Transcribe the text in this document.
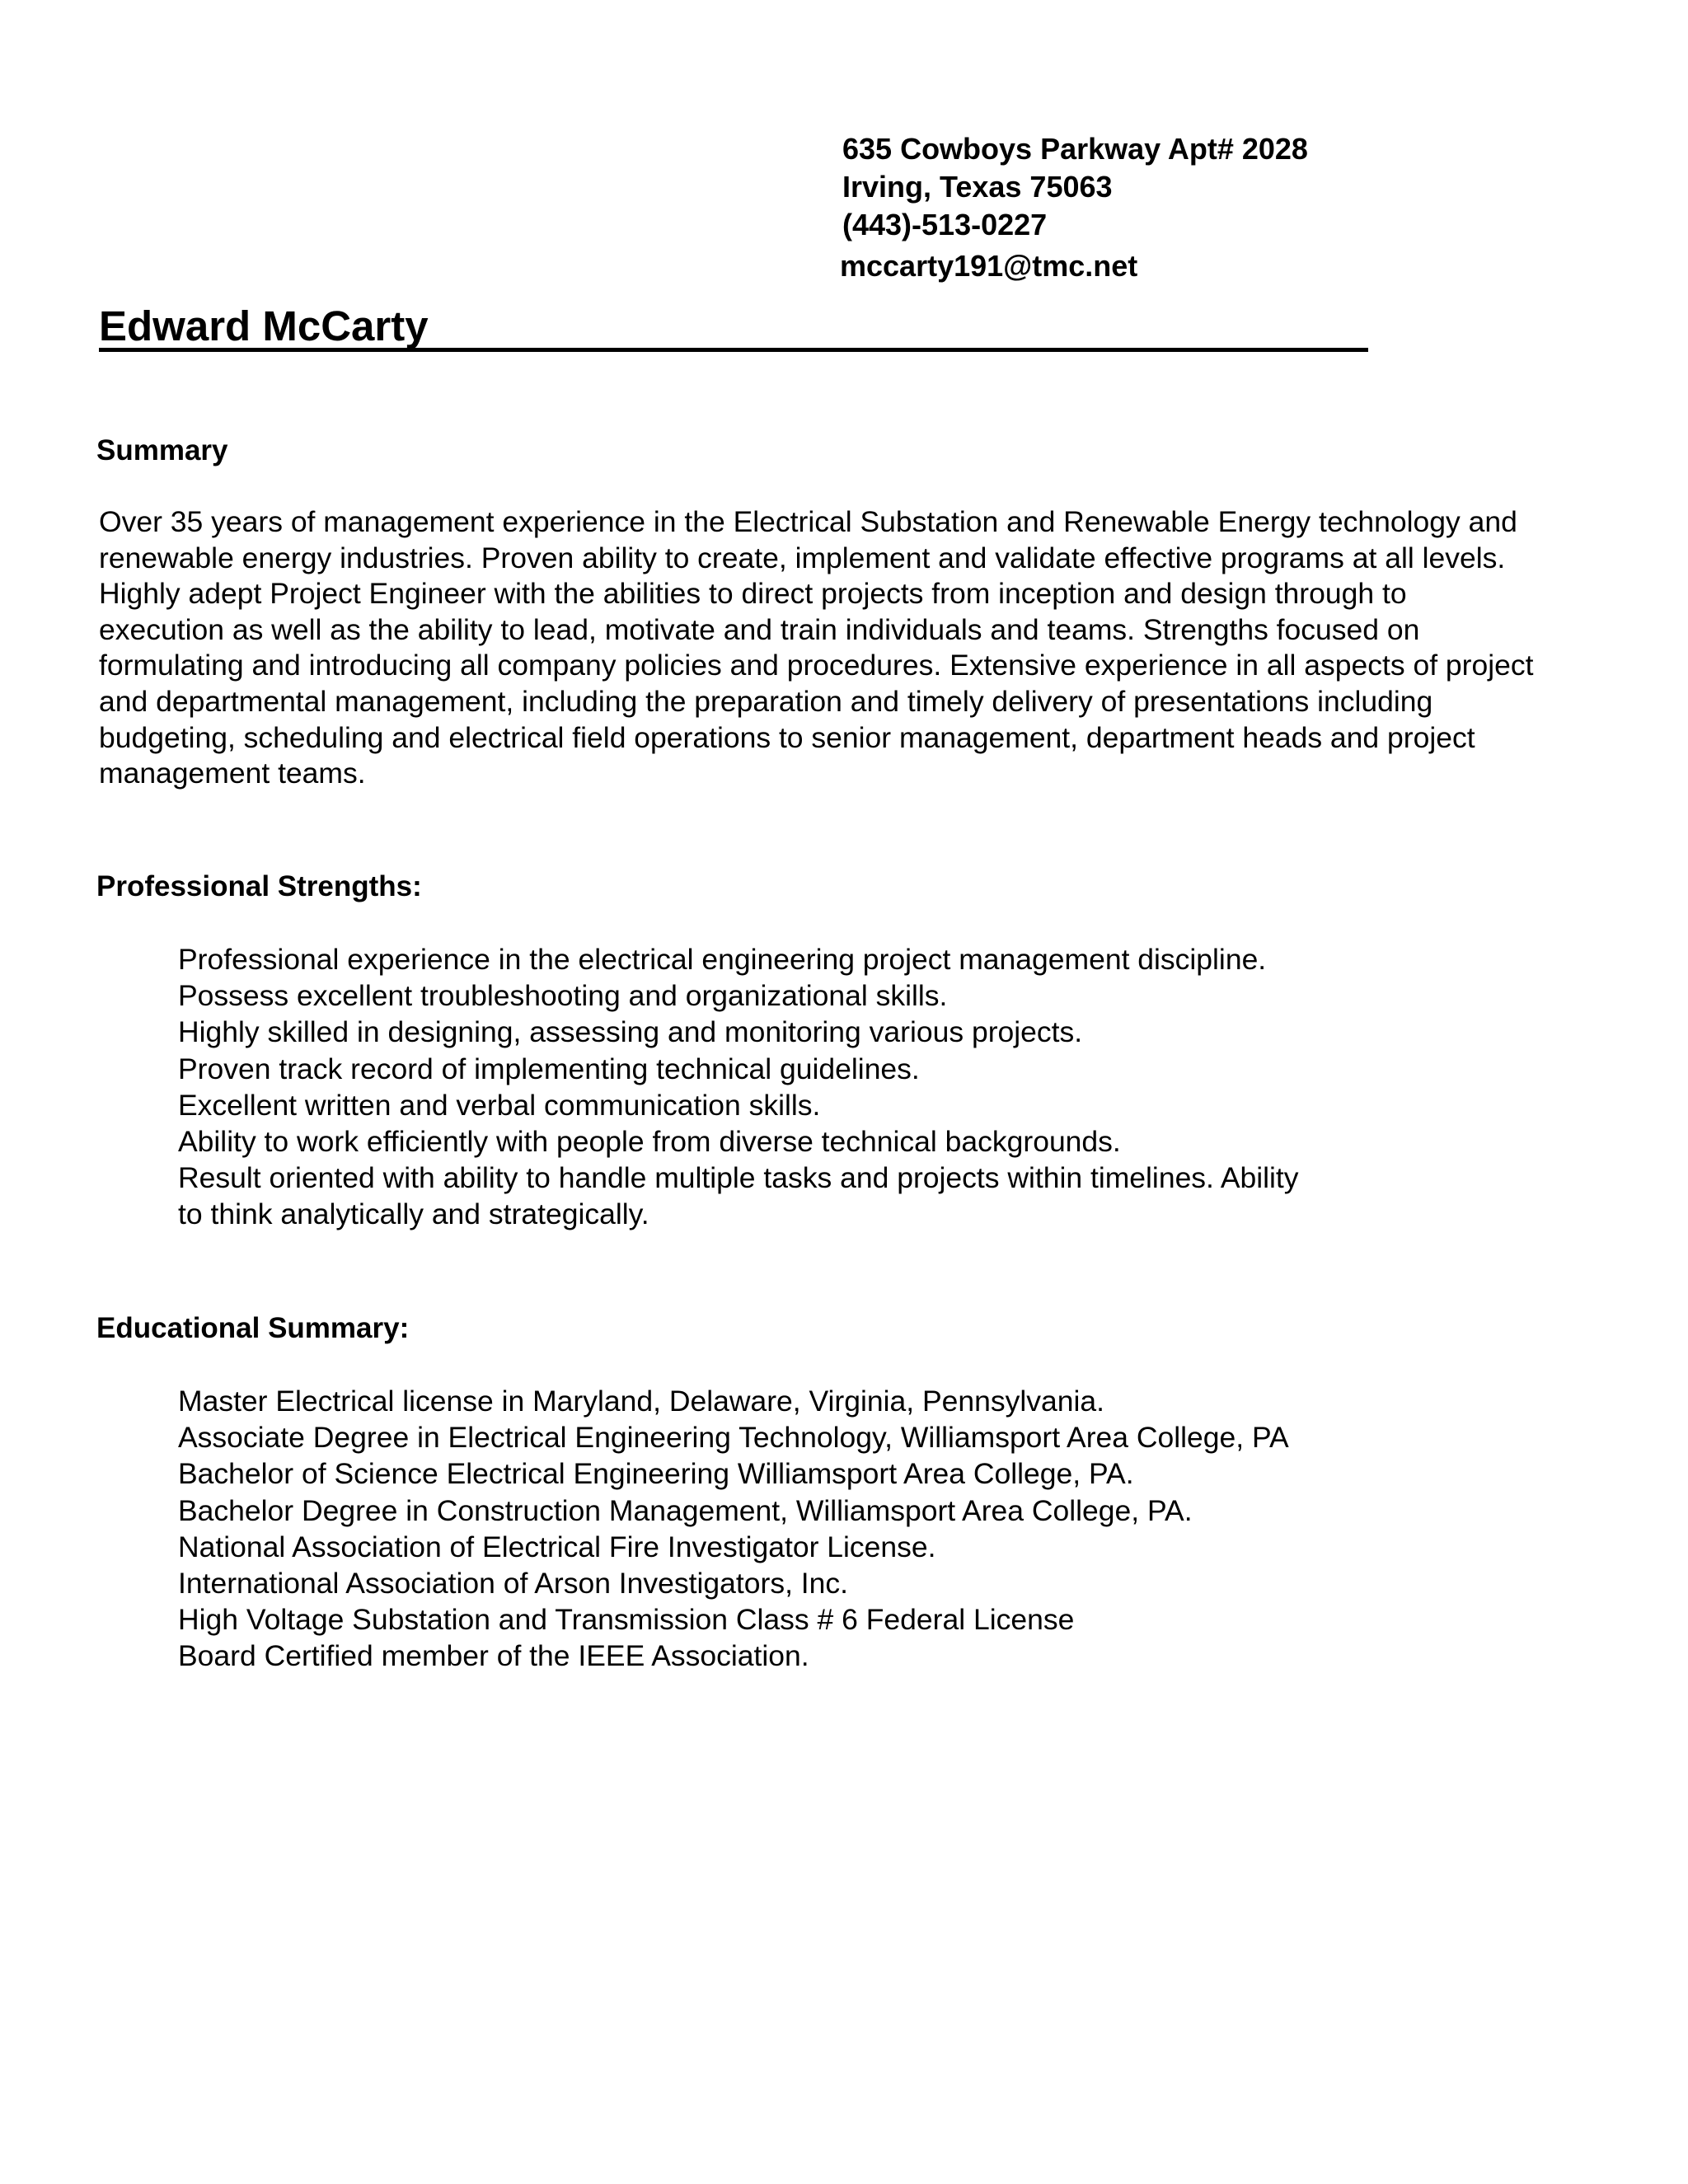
635 Cowboys Parkway Apt# 2028
Irving, Texas 75063
(443)-513-0227
mccarty191@tmc.net
Edward McCarty
Summary
Over 35 years of management experience in the Electrical Substation and Renewable Energy technology and
renewable energy industries. Proven ability to create, implement and validate effective programs at all levels.
Highly adept Project Engineer with the abilities to direct projects from inception and design through to
execution as well as the ability to lead, motivate and train individuals and teams. Strengths focused on
formulating and introducing all company policies and procedures. Extensive experience in all aspects of project
and departmental management, including the preparation and timely delivery of presentations including
budgeting, scheduling and electrical field operations to senior management, department heads and project
management teams.
Professional Strengths:
Professional experience in the electrical engineering project management discipline.
Possess excellent troubleshooting and organizational skills.
Highly skilled in designing, assessing and monitoring various projects.
Proven track record of implementing technical guidelines.
Excellent written and verbal communication skills.
Ability to work efficiently with people from diverse technical backgrounds.
Result oriented with ability to handle multiple tasks and projects within timelines. Ability
to think analytically and strategically.
Educational Summary:
Master Electrical license in Maryland, Delaware, Virginia, Pennsylvania.
Associate Degree in Electrical Engineering Technology, Williamsport Area College, PA
Bachelor of Science Electrical Engineering Williamsport Area College, PA.
Bachelor Degree in Construction Management, Williamsport Area College, PA.
National Association of Electrical Fire Investigator License.
International Association of Arson Investigators, Inc.
High Voltage Substation and Transmission Class # 6 Federal License
Board Certified member of the IEEE Association.
